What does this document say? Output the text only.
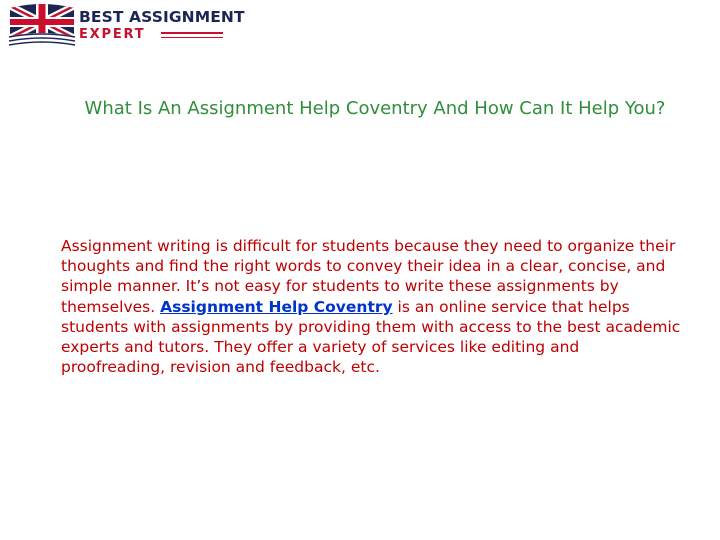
BEST ASSIGNMENT
EXPERT
What Is An Assignment Help Coventry And How Can It Help You?

Assignment writing is difficult for students because they need to organize their thoughts and find the right words to convey their idea in a clear, concise, and simple manner. It’s not easy for students to write these assignments by themselves. Assignment Help Coventry is an online service that helps students with assignments by providing them with access to the best academic experts and tutors. They offer a variety of services like editing and proofreading, revision and feedback, etc.
